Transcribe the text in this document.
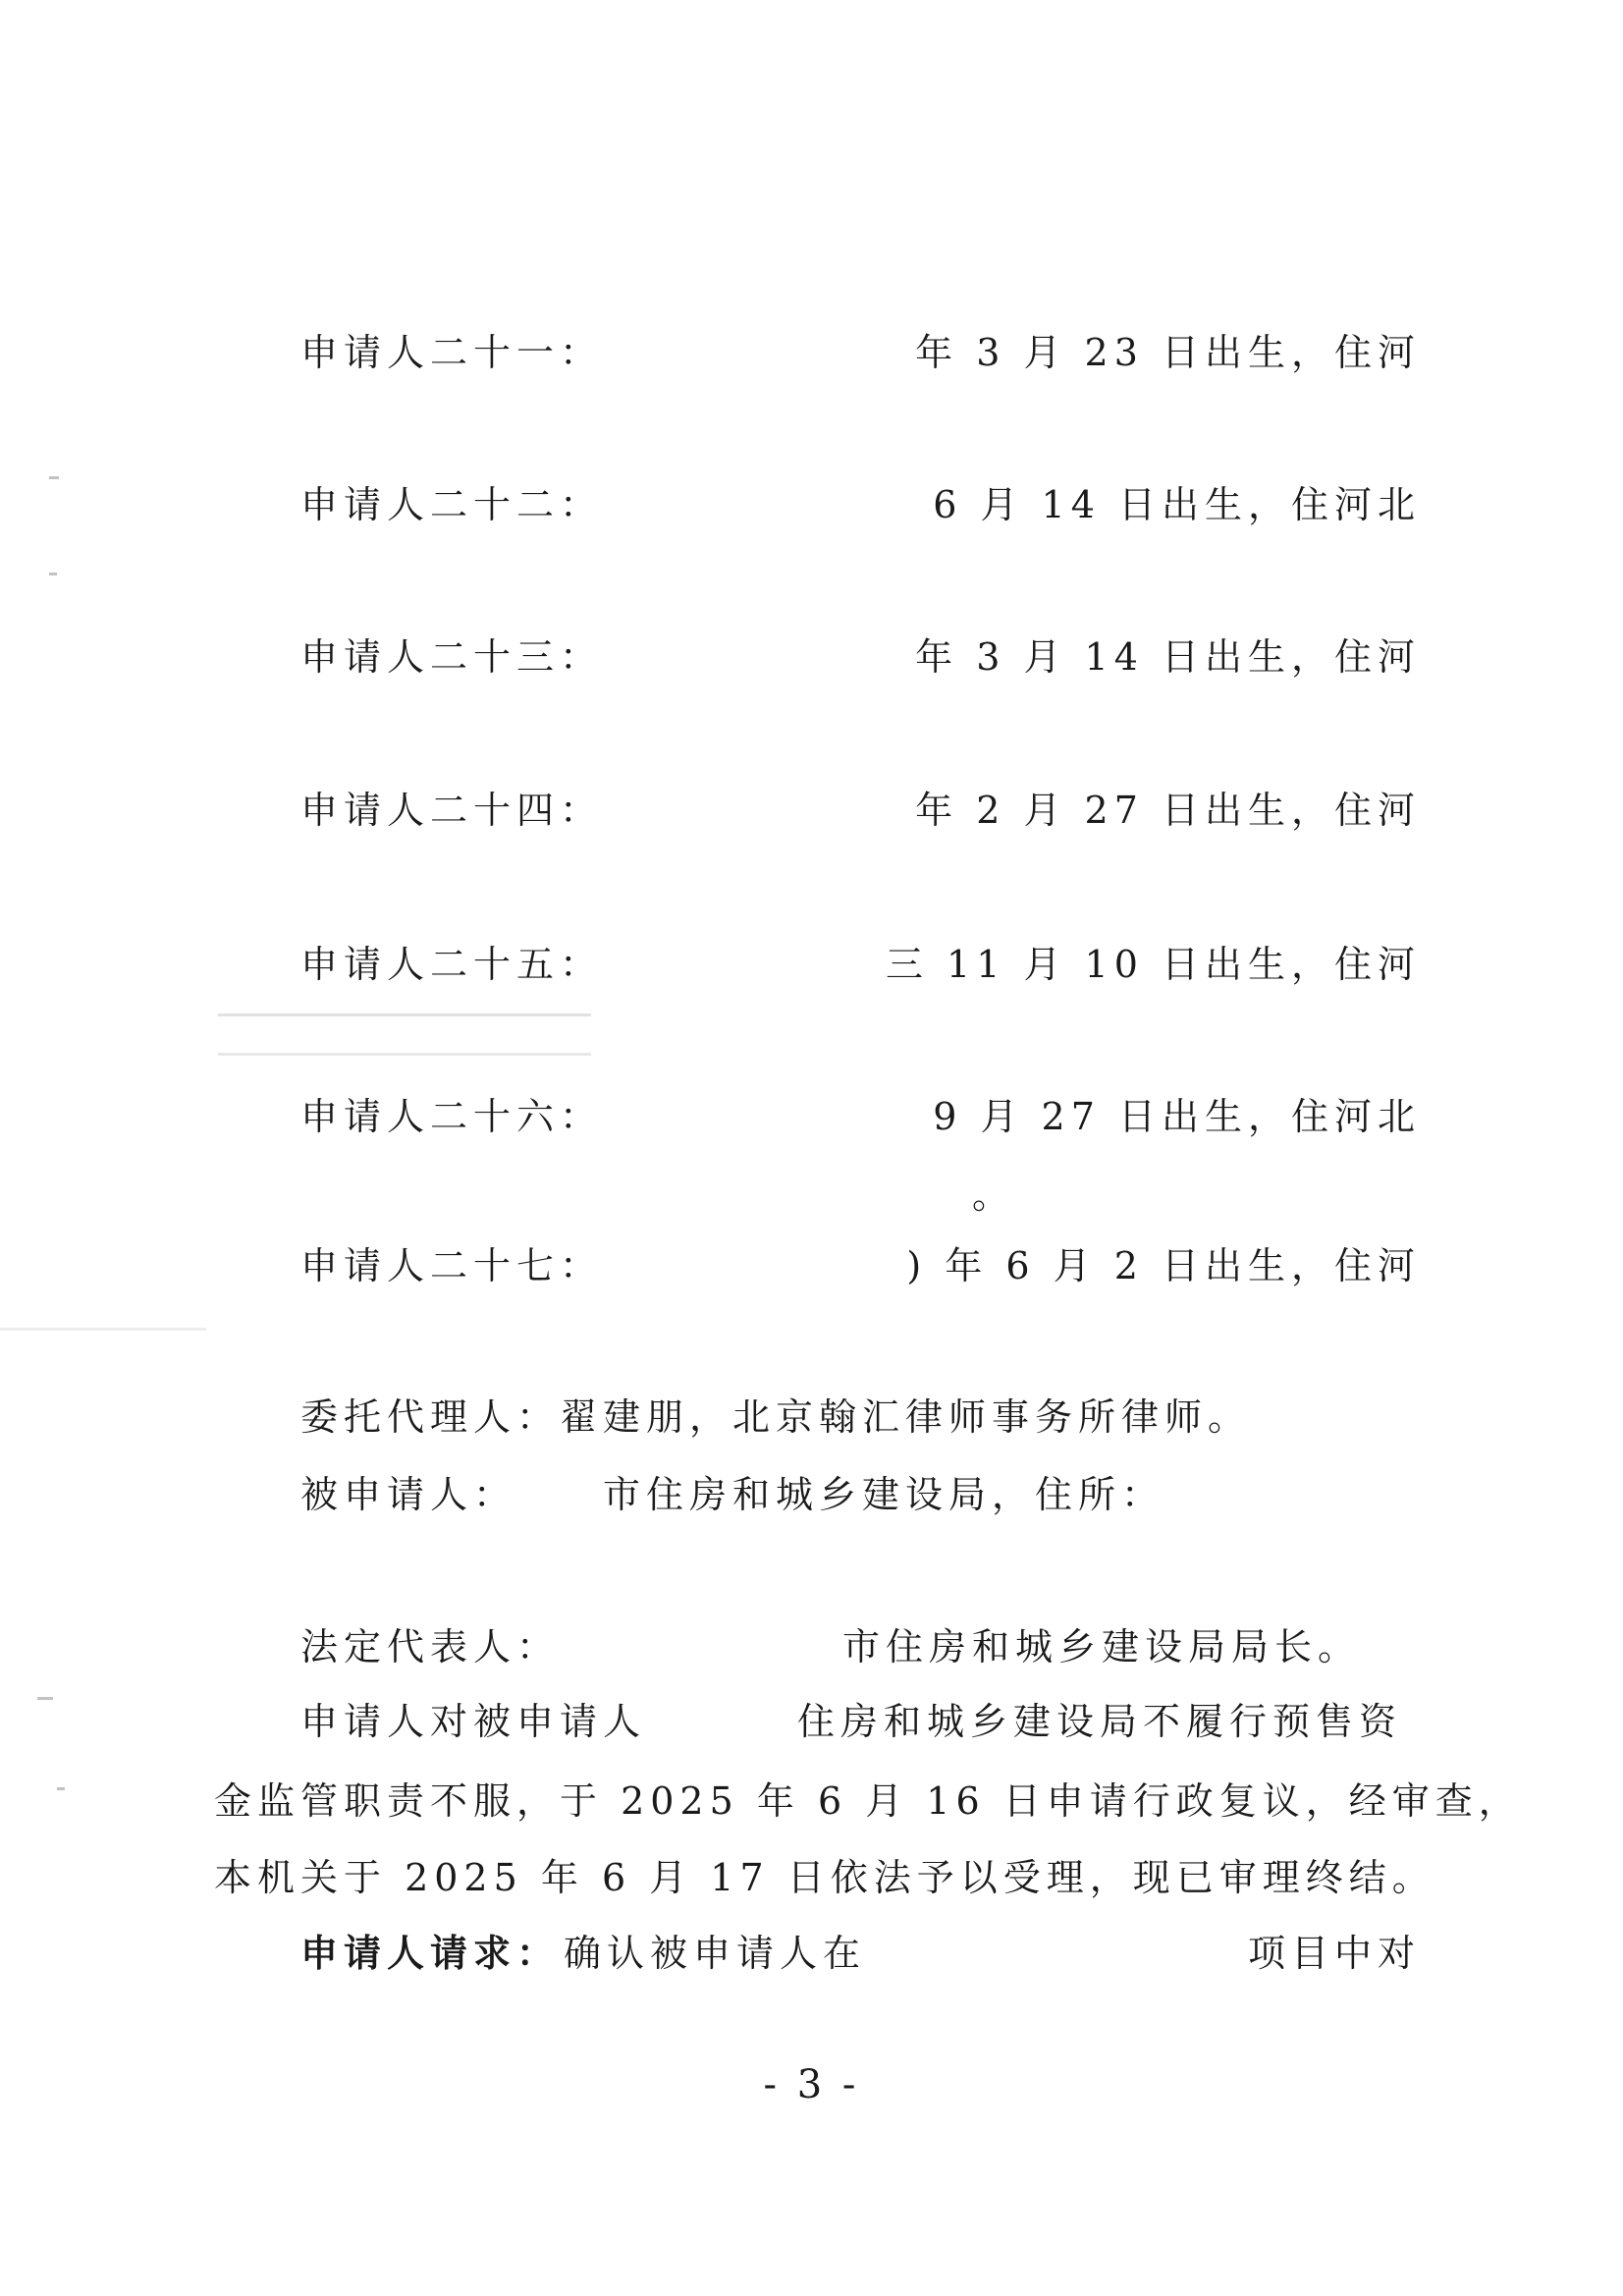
申请人二十一：	年 3 月 23 日出生，住河
申请人二十二：	6 月 14 日出生，住河北
申请人二十三：	年 3 月 14 日出生，住河
申请人二十四：	年 2 月 27 日出生，住河
申请人二十五：	三 11 月 10 日出生，住河
申请人二十六：	9 月 27 日出生，住河北
。
申请人二十七：	) 年 6 月 2 日出生，住河
委托代理人：翟建朋，北京翰汇律师事务所律师。
被申请人： 市住房和城乡建设局，住所：
法定代表人：	市住房和城乡建设局局长。
申请人对被申请人	住房和城乡建设局不履行预售资
金监管职责不服，于 2025 年 6 月 16 日申请行政复议，经审查，
本机关于 2025 年 6 月 17 日依法予以受理，现已审理终结。
申请人请求： 确认被申请人在	项目中对
- 3 -
